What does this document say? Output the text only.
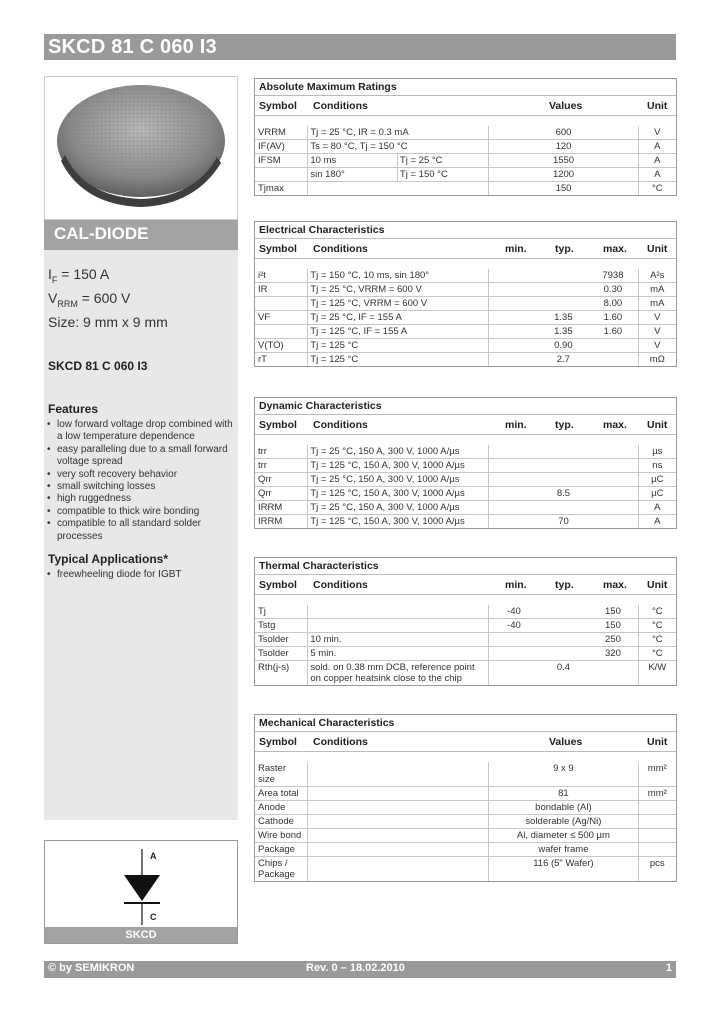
SKCD 81 C 060 I3
CAL-DIODE
$I_F = 150$ A
$V_{RRM} = 600$ V
Size: 9 mm x 9 mm
SKCD 81 C 060 I3
Features
• low forward voltage drop combined with a low temperature dependence
• easy paralleling due to a small forward voltage spread
• very soft recovery behavior
• small switching losses
• high ruggedness
• compatible to thick wire bonding
• compatible to all standard solder processes
Typical Applications*
• freewheeling diode for IGBT
A
C
SKCD
Absolute Maximum Ratings
Symbol Conditions	Values	Unit
VRRM	Tj = 25 °C, IR = 0.3 mA		600	V
IF(AV)	Ts = 80 °C, Tj = 150 °C		120	A
IFSM	10 ms	Tj = 25 °C	1550	A
	sin 180°	Tj = 150 °C	1200	A
Tjmax			150	°C
Electrical Characteristics
Symbol Conditions	min.	typ.	max. Unit
i²t	Tj = 150 °C, 10 ms, sin 180°			7938	A²s
IR	Tj = 25 °C, VRRM = 600 V			0.30	mA
	Tj = 125 °C, VRRM = 600 V			8.00	mA
VF	Tj = 25 °C, IF = 155 A		1.35	1.60	V
	Tj = 125 °C, IF = 155 A		1.35	1.60	V
V(TO)	Tj = 125 °C		0.90		V
rT	Tj = 125 °C		2.7		mΩ
Dynamic Characteristics
Symbol Conditions	min.	typ.	max. Unit
trr	Tj = 25 °C, 150 A, 300 V, 1000 A/µs				µs
trr	Tj = 125 °C, 150 A, 300 V, 1000 A/µs				ns
Qrr	Tj = 25 °C, 150 A, 300 V, 1000 A/µs				µC
Qrr	Tj = 125 °C, 150 A, 300 V, 1000 A/µs		8.5		µC
IRRM	Tj = 25 °C, 150 A, 300 V, 1000 A/µs				A
IRRM	Tj = 125 °C, 150 A, 300 V, 1000 A/µs		70		A
Thermal Characteristics
Symbol Conditions	min.	typ.	max. Unit
Tj		-40		150	°C
Tstg		-40		150	°C
Tsolder	10 min.			250	°C
Tsolder	5 min.			320	°C
Rth(j-s)	sold. on 0.38 mm DCB, reference point on copper heatsink close to the chip		0.4		K/W
Mechanical Characteristics
Symbol Conditions	Values	Unit
Raster size		9 x 9	mm²
Area total		81	mm²
Anode		bondable (Al)	
Cathode		solderable (Ag/Ni)	
Wire bond		Al, diameter ≤ 500 µm	
Package		wafer frame	
Chips / Package		116 (5" Wafer)	pcs
© by SEMIKRON	Rev. 0 – 18.02.2010	1
